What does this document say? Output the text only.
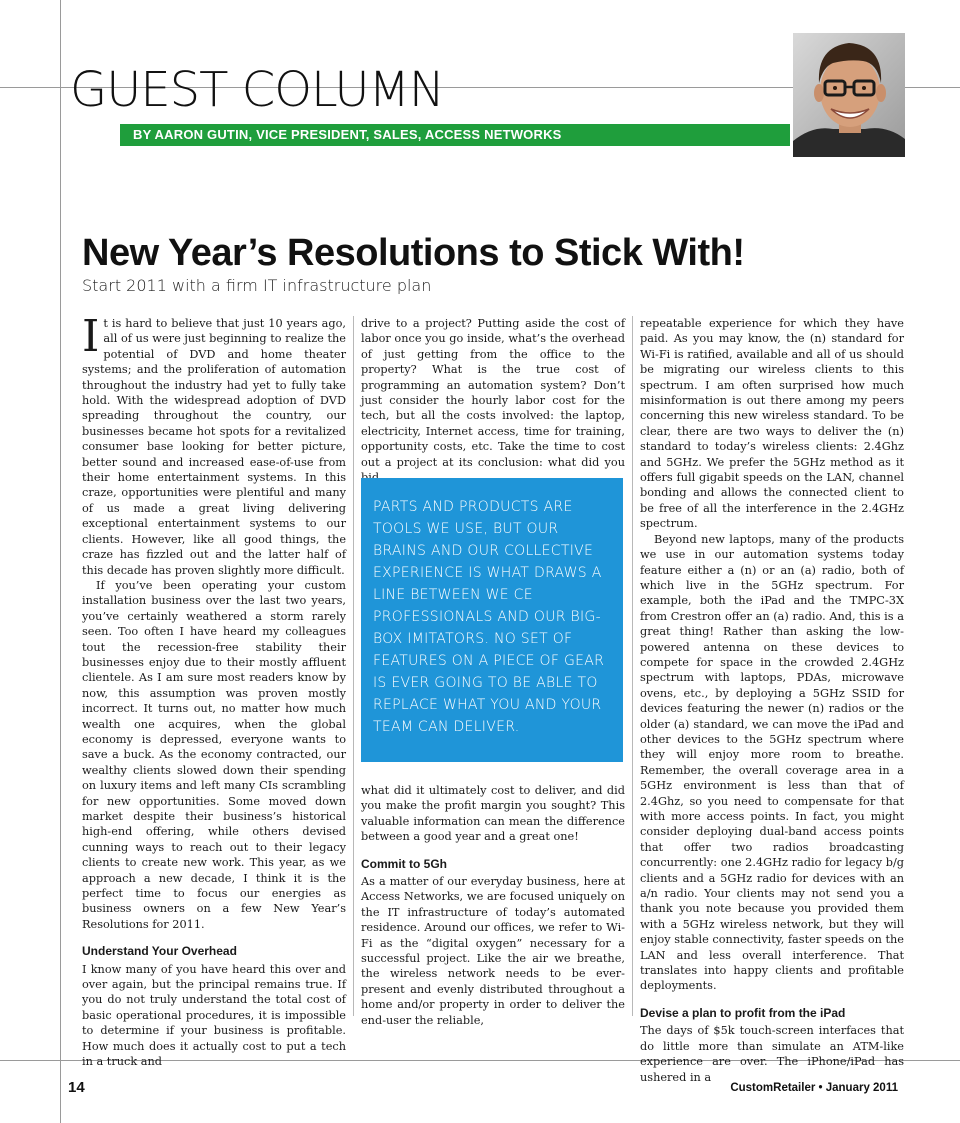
GUEST COLUMN
BY AARON GUTIN, VICE PRESIDENT, SALES, ACCESS NETWORKS
New Year’s Resolutions to Stick With!
Start 2011 with a firm IT infrastructure plan

It is hard to believe that just 10 years ago, all of us were just beginning to realize the potential of DVD and home theater systems; and the proliferation of automation throughout the industry had yet to fully take hold. With the widespread adoption of DVD spreading throughout the country, our businesses became hot spots for a revitalized consumer base looking for better picture, better sound and increased ease-of-use from their home entertainment systems. In this craze, opportunities were plentiful and many of us made a great living delivering exceptional entertainment systems to our clients. However, like all good things, the craze has fizzled out and the latter half of this decade has proven slightly more difficult.

If you’ve been operating your custom installation business over the last two years, you’ve certainly weathered a storm rarely seen. Too often I have heard my colleagues tout the recession-free stability their businesses enjoy due to their mostly affluent clientele. As I am sure most readers know by now, this assumption was proven mostly incorrect. It turns out, no matter how much wealth one acquires, when the global economy is depressed, everyone wants to save a buck. As the economy contracted, our wealthy clients slowed down their spending on luxury items and left many CIs scrambling for new opportunities. Some moved down market despite their business’s historical high-end offering, while others devised cunning ways to reach out to their legacy clients to create new work. This year, as we approach a new decade, I think it is the perfect time to focus our energies as business owners on a few New Year’s Resolutions for 2011.

Understand Your Overhead

I know many of you have heard this over and over again, but the principal remains true. If you do not truly understand the total cost of basic operational procedures, it is impossible to determine if your business is profitable. How much does it actually cost to put a tech in a truck and

drive to a project? Putting aside the cost of labor once you go inside, what’s the overhead of just getting from the office to the property? What is the true cost of programming an automation system? Don’t just consider the hourly labor cost for the tech, but all the costs involved: the laptop, electricity, Internet access, time for training, opportunity costs, etc. Take the time to cost out a project at its conclusion: what did you

PARTS AND PRODUCTS ARE TOOLS WE USE, BUT OUR BRAINS AND OUR COLLECTIVE EXPERIENCE IS WHAT DRAWS A LINE BETWEEN WE CE PROFESSIONALS AND OUR BIG-BOX IMITATORS. NO SET OF FEATURES ON A PIECE OF GEAR IS EVER GOING TO BE ABLE TO REPLACE WHAT YOU AND YOUR TEAM CAN DELIVER.

what did it ultimately cost to deliver, and did you make the profit margin you sought? This valuable information can mean the difference between a good year and a great one!

Commit to 5Gh

As a matter of our everyday business, here at Access Networks, we are focused uniquely on the IT infrastructure of today’s automated residence. Around our offices, we refer to Wi-Fi as the “digital oxygen” necessary for a successful project. Like the air we breathe, the wireless network needs to be ever-present and evenly distributed throughout a home and/or property in order to deliver the end-user the reliable,

repeatable experience for which they have paid. As you may know, the (n) standard for Wi-Fi is ratified, available and all of us should be migrating our wireless clients to this spectrum. I am often surprised how much misinformation is out there among my peers concerning this new wireless standard. To be clear, there are two ways to deliver the (n) standard to today’s wireless clients: 2.4Ghz and 5GHz. We prefer the 5GHz method as it offers full gigabit speeds on the LAN, channel bonding and allows the connected client to be free of all the interference in the 2.4GHz spectrum.

Beyond new laptops, many of the products we use in our automation systems today feature either a (n) or an (a) radio, both of which live in the 5GHz spectrum. For example, both the iPad and the TMPC-3X from Crestron offer an (a) radio. And, this is a great thing! Rather than asking the low-powered antenna on these devices to compete for space in the crowded 2.4GHz spectrum with laptops, PDAs, microwave ovens, etc., by deploying a 5GHz SSID for devices featuring the newer (n) radios or the older (a) standard, we can move the iPad and other devices to the 5GHz spectrum where they will enjoy more room to breathe. Remember, the overall coverage area in a 5GHz environment is less than that of 2.4Ghz, so you need to compensate for that with more access points. In fact, you might consider deploying dual-band access points that offer two radios broadcasting concurrently: one 2.4GHz radio for legacy b/g clients and a 5GHz radio for devices with an a/n radio. Your clients may not send you a thank you note because you provided them with a 5GHz wireless network, but they will enjoy stable connectivity, faster speeds on the LAN and less overall interference. That translates into happy clients and profitable deployments.

Devise a plan to profit from the iPad

The days of $5k touch-screen interfaces that do little more than simulate an ATM-like experience are over. The iPhone/iPad has ushered in a

14	CustomRetailer • January 2011
